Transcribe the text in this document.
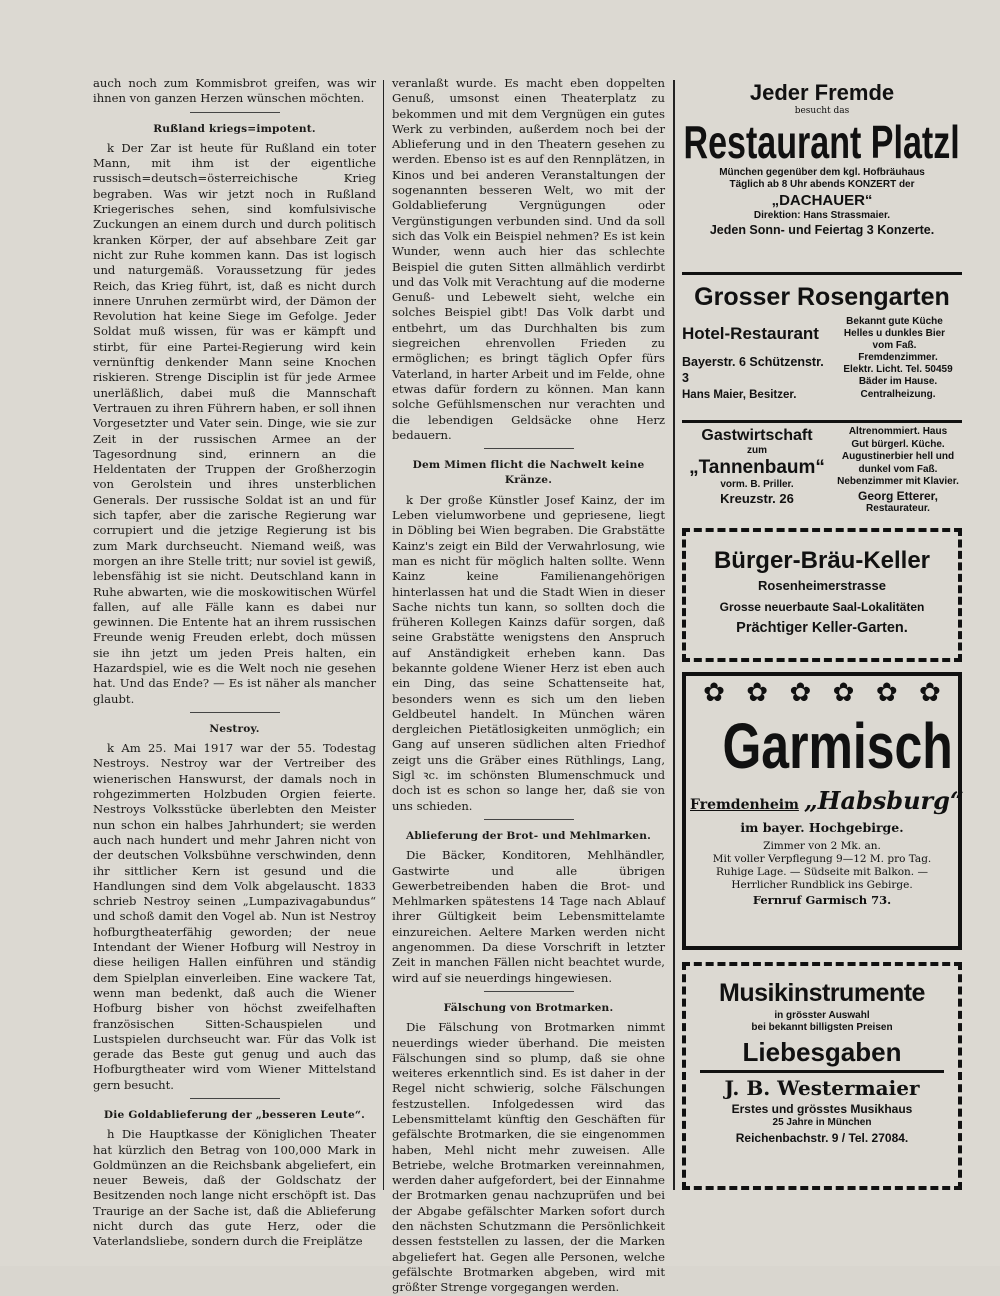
auch noch zum Kommisbrot greifen, was wir ihnen von ganzen Herzen wünschen möchten.

Rußland kriegs=impotent.

k Der Zar ist heute für Rußland ein toter Mann, mit ihm ist der eigentliche russisch=deutsch=österreichische Krieg begraben. Was wir jetzt noch in Rußland Kriegerisches sehen, sind komfulsivische Zuckungen an einem durch und durch politisch kranken Körper, der auf absehbare Zeit gar nicht zur Ruhe kommen kann. Das ist logisch und naturgemäß. Voraussetzung für jedes Reich, das Krieg führt, ist, daß es nicht durch innere Unruhen zermürbt wird, der Dämon der Revolution hat keine Siege im Gefolge. Jeder Soldat muß wissen, für was er kämpft und stirbt, für eine Partei-Regierung wird kein vernünftig denkender Mann seine Knochen riskieren. Strenge Disciplin ist für jede Armee unerläßlich, dabei muß die Mannschaft Vertrauen zu ihren Führern haben, er soll ihnen Vorgesetzter und Vater sein. Dinge, wie sie zur Zeit in der russischen Armee an der Tagesordnung sind, erinnern an die Heldentaten der Truppen der Großherzogin von Gerolstein und ihres unsterblichen Generals. Der russische Soldat ist an und für sich tapfer, aber die zarische Regierung war corrupiert und die jetzige Regierung ist bis zum Mark durchseucht. Niemand weiß, was morgen an ihre Stelle tritt; nur soviel ist gewiß, lebensfähig ist sie nicht. Deutschland kann in Ruhe abwarten, wie die moskowitischen Würfel fallen, auf alle Fälle kann es dabei nur gewinnen. Die Entente hat an ihrem russischen Freunde wenig Freuden erlebt, doch müssen sie ihn jetzt um jeden Preis halten, ein Hazardspiel, wie es die Welt noch nie gesehen hat. Und das Ende? — Es ist näher als mancher glaubt.

Nestroy.

k Am 25. Mai 1917 war der 55. Todestag Nestroys. Nestroy war der Vertreiber des wienerischen Hanswurst, der damals noch in rohgezimmerten Holzbuden Orgien feierte. Nestroys Volksstücke überlebten den Meister nun schon ein halbes Jahrhundert; sie werden auch nach hundert und mehr Jahren nicht von der deutschen Volksbühne verschwinden, denn ihr sittlicher Kern ist gesund und die Handlungen sind dem Volk abgelauscht. 1833 schrieb Nestroy seinen „Lumpazivagabundus“ und schoß damit den Vogel ab. Nun ist Nestroy hofburgtheaterfähig geworden; der neue Intendant der Wiener Hofburg will Nestroy in diese heiligen Hallen einführen und ständig dem Spielplan einverleiben. Eine wackere Tat, wenn man bedenkt, daß auch die Wiener Hofburg bisher von höchst zweifelhaften französischen Sitten-Schauspielen und Lustspielen durchseucht war. Für das Volk ist gerade das Beste gut genug und auch das Hofburgtheater wird vom Wiener Mittelstand gern besucht.

Die Goldablieferung der „besseren Leute“.

h Die Hauptkasse der Königlichen Theater hat kürzlich den Betrag von 100,000 Mark in Goldmünzen an die Reichsbank abgeliefert, ein neuer Beweis, daß der Goldschatz der Besitzenden noch lange nicht erschöpft ist. Das Traurige an der Sache ist, daß die Ablieferung nicht durch das gute Herz, oder die Vaterlandsliebe, sondern durch die Freiplätze

veranlaßt wurde. Es macht eben doppelten Genuß, umsonst einen Theaterplatz zu bekommen und mit dem Vergnügen ein gutes Werk zu verbinden, außerdem noch bei der Ablieferung und in den Theatern gesehen zu werden. Ebenso ist es auf den Rennplätzen, in Kinos und bei anderen Veranstaltungen der sogenannten besseren Welt, wo mit der Goldablieferung Vergnügungen oder Vergünstigungen verbunden sind. Und da soll sich das Volk ein Beispiel nehmen? Es ist kein Wunder, wenn auch hier das schlechte Beispiel die guten Sitten allmählich verdirbt und das Volk mit Verachtung auf die moderne Genuß- und Lebewelt sieht, welche ein solches Beispiel gibt! Das Volk darbt und entbehrt, um das Durchhalten bis zum siegreichen ehrenvollen Frieden zu ermöglichen; es bringt täglich Opfer fürs Vaterland, in harter Arbeit und im Felde, ohne etwas dafür fordern zu können. Man kann solche Gefühlsmenschen nur verachten und die lebendigen Geldsäcke ohne Herz bedauern.

Dem Mimen flicht die Nachwelt keine Kränze.

k Der große Künstler Josef Kainz, der im Leben vielumworbene und gepriesene, liegt in Döbling bei Wien begraben. Die Grabstätte Kainz's zeigt ein Bild der Verwahrlosung, wie man es nicht für möglich halten sollte. Wenn Kainz keine Familienangehörigen hinterlassen hat und die Stadt Wien in dieser Sache nichts tun kann, so sollten doch die früheren Kollegen Kainzs dafür sorgen, daß seine Grabstätte wenigstens den Anspruch auf Anständigkeit erheben kann. Das bekannte goldene Wiener Herz ist eben auch ein Ding, das seine Schattenseite hat, besonders wenn es sich um den lieben Geldbeutel handelt. In München wären dergleichen Pietätlosigkeiten unmöglich; ein Gang auf unseren südlichen alten Friedhof zeigt uns die Gräber eines Rüthlings, Lang, Sigl ꝛc. im schönsten Blumenschmuck und doch ist es schon so lange her, daß sie von uns schieden.

Ablieferung der Brot- und Mehlmarken.

Die Bäcker, Konditoren, Mehlhändler, Gastwirte und alle übrigen Gewerbetreibenden haben die Brot- und Mehlmarken spätestens 14 Tage nach Ablauf ihrer Gültigkeit beim Lebensmittelamte einzureichen. Aeltere Marken werden nicht angenommen. Da diese Vorschrift in letzter Zeit in manchen Fällen nicht beachtet wurde, wird auf sie neuerdings hingewiesen.

Fälschung von Brotmarken.

Die Fälschung von Brotmarken nimmt neuerdings wieder überhand. Die meisten Fälschungen sind so plump, daß sie ohne weiteres erkenntlich sind. Es ist daher in der Regel nicht schwierig, solche Fälschungen festzustellen. Infolgedessen wird das Lebensmittelamt künftig den Geschäften für gefälschte Brotmarken, die sie eingenommen haben, Mehl nicht mehr zuweisen. Alle Betriebe, welche Brotmarken vereinnahmen, werden daher aufgefordert, bei der Einnahme der Brotmarken genau nachzuprüfen und bei der Abgabe gefälschter Marken sofort durch den nächsten Schutzmann die Persönlichkeit dessen feststellen zu lassen, der die Marken abgeliefert hat. Gegen alle Personen, welche gefälschte Brotmarken abgeben, wird mit größter Strenge vorgegangen werden.

Jeder Fremde
besucht das
Restaurant Platzl
München gegenüber dem kgl. Hofbräuhaus
Täglich ab 8 Uhr abends KONZERT der
„DACHAUER“
Direktion: Hans Strassmaier.
Jeden Sonn- und Feiertag 3 Konzerte.
Grosser Rosengarten
Hotel-Restaurant
Bekannt gute Küche
Helles u dunkles Bier
vom Faß.
Bayerstr. 6 Schützenstr. 3
Fremdenzimmer.
Elektr. Licht. Tel. 50459
Bäder im Hause.
Hans Maier, Besitzer.	Centralheizung.
Gastwirtschaft
zum
„Tannenbaum“
vorm. B. Priller.
Kreuzstr. 26
Altrenommiert. Haus
Gut bürgerl. Küche.
Augustinerbier hell und
dunkel vom Faß.
Nebenzimmer mit Klavier.
Georg Etterer,
Restaurateur.
Bürger-Bräu-Keller
Rosenheimerstrasse
Grosse neuerbaute Saal-Lokalitäten
Prächtiger Keller-Garten.
✿ ✿ ✿ ✿ ✿ ✿
Garmisch
Fremdenheim „Habsburg“
im bayer. Hochgebirge.
Zimmer von 2 Mk. an.
Mit voller Verpflegung 9—12 M. pro Tag.
Ruhige Lage. — Südseite mit Balkon. —
Herrlicher Rundblick ins Gebirge.
Fernruf Garmisch 73.
Musikinstrumente
in grösster Auswahl
bei bekannt billigsten Preisen
Liebesgaben
J. B. Westermaier
Erstes und grösstes Musikhaus
25 Jahre in München
Reichenbachstr. 9 / Tel. 27084.
